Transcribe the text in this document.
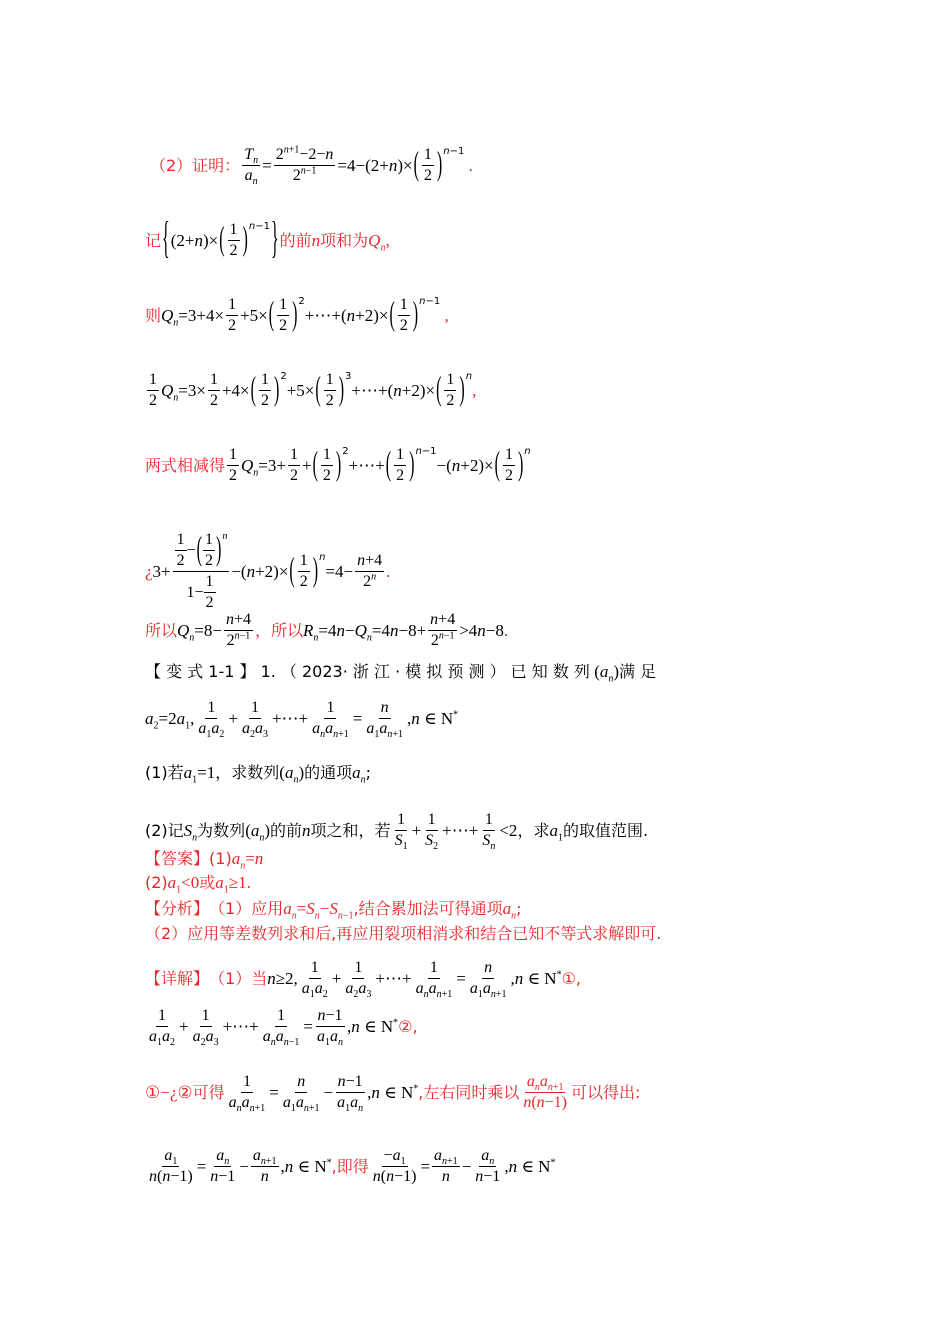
（2）证明： $\frac{T_n}{a_n} = \frac{2^{n+1}-2-n}{2^{n-1}} =4- (2+n)$ × ( $\frac{1}{2}$ ) $^{n-1}$
.
记 { (2+n)× ( $\frac{1}{2}$ ) $^{n-1}$ } 的前 n 项和为 $Q_n$,
则 $Q_n=3+4\times \frac{1}{2} +5\times$ ( $\frac{1}{2} )^2$
+⋯+(n+2)× ( $\frac{1}{2}$ ) $^{n-1}$
,
$\frac{1}{2} Q_n=3\times \frac{1}{2} +4\times$ ( $\frac{1}{2} )^2$
+5× ( $\frac{1}{2} )^3$
+⋯+(n+2)× ( $\frac{1}{2}$ ) $^n$
,
两式相减得 $\frac{1}{2} Q_n=3+ \frac{1}{2}$ + ( $\frac{1}{2} )^2$
+⋯+ ( $\frac{1}{2}$ ) $^{n-1}$
−(n+2)× ( $\frac{1}{2}$ ) $^n$
¿ $3+ \frac{\frac{1}{2} - ( \frac{1}{2} ) ^n}{1- \frac{1}{2}} -(n+2)\times$ ( $\frac{1}{2}$ ) $^n$
$=4- \frac{n+4}{2^n}$ .
所以 $Q_n=8- \frac{n+4}{2^{n-1}}$ ，所以 $R_n=4n-Q_n=4n-8+ \frac{n+4}{2^{n-1}} >4n-8$ .
【 变 式 1-1 】 1. （ 2023· 浙 江 · 模 拟 预 测 ） 已 知 数 列 $(a_n)$ 满 足
$a_2=2a_1$, $\frac{1}{a_1a_2} + \frac{1}{a_2a_3}$ +⋯+ $\frac{1}{a_na_{n+1}} = \frac{n}{a_1a_{n+1}} ,n$ ∈ N*
(1)若 $a_1=1$ ，求数列 $(a_n)$ 的通项 $a_n$ ;
(2)记 $S_n$ 为数列 $(a_n)$ 的前 n 项之和，若 $\frac{1}{S_1} + \frac{1}{S_2}$ +⋯+ $\frac{1}{S_n} <2$ ，求 $a_1$ 的取值范围.
【答案】 (1) $a_n=n$
(2) $a_1<0$ 或 $a_1\ge 1$.
【分析】 （1）应用 $a_n=S_n-S_{n-1}$ ,结合累加法可得通项 $a_n$ ;
（2）应用等差数列求和后,再应用裂项相消求和结合已知不等式求解即可.
【详解】 （1）当 n≥2, $\frac{1}{a_1a_2} + \frac{1}{a_2a_3}$ +⋯+ $\frac{1}{a_na_{n+1}} = \frac{n}{a_1a_{n+1}} ,n$ ∈ N* ①,
$\frac{1}{a_1a_2} + \frac{1}{a_2a_3}$ +⋯+ $\frac{1}{a_na_{n-1}} = \frac{n-1}{a_1a_n} ,n$ ∈ N* ②,
①−¿② 可得 $\frac{1}{a_na_{n+1}} = \frac{n}{a_1a_{n+1}} - \frac{n-1}{a_1a_n} ,n$ ∈ N* ,左右同时乘以 $\frac{a_na_{n+1}}{n(n-1)}$ 可以得出:
$\frac{a_1}{n(n-1)} = \frac{a_n}{n-1} - \frac{a_{n+1}}{n} ,n$ ∈ N* ,即得 $\frac{-a_1}{n(n-1)} = \frac{a_{n+1}}{n} - \frac{a_n}{n-1} ,n$ ∈ N*
